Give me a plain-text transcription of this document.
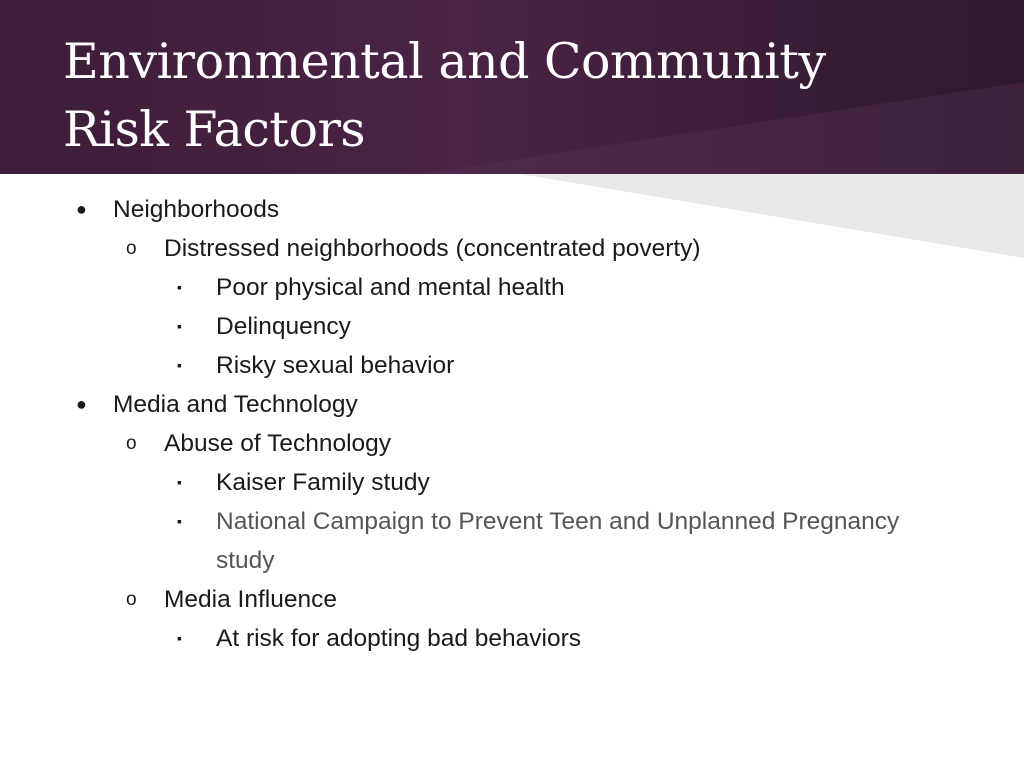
Environmental and Community
Risk Factors
● Neighborhoods
o Distressed neighborhoods (concentrated poverty)
▪ Poor physical and mental health
▪ Delinquency
▪ Risky sexual behavior
● Media and Technology
o Abuse of Technology
▪ Kaiser Family study
▪ National Campaign to Prevent Teen and Unplanned Pregnancy study
o Media Influence
▪ At risk for adopting bad behaviors
